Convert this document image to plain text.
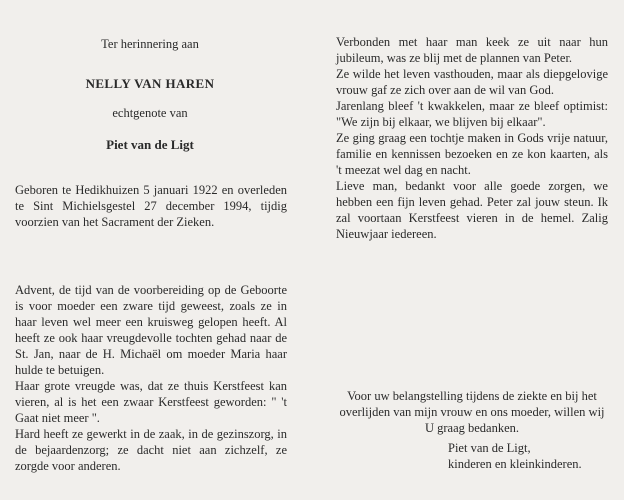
Ter herinnering aan

NELLY VAN HAREN

echtgenote van

Piet van de Ligt

Geboren te Hedikhuizen 5 januari 1922 en overleden te Sint Michielsgestel 27 december 1994, tijdig voorzien van het Sacrament der Zieken.

Advent, de tijd van de voorbereiding op de Geboorte is voor moeder een zware tijd geweest, zoals ze in haar leven wel meer een kruisweg gelopen heeft. Al heeft ze ook haar vreugdevolle tochten gehad naar de St. Jan, naar de H. Michaël om moeder Maria haar hulde te betuigen.

Haar grote vreugde was, dat ze thuis Kerstfeest kan vieren, al is het een zwaar Kerstfeest geworden: " 't Gaat niet meer ".

Hard heeft ze gewerkt in de zaak, in de gezinszorg, in de bejaardenzorg; ze dacht niet aan zichzelf, ze zorgde voor anderen.

Verbonden met haar man keek ze uit naar hun jubileum, was ze blij met de plannen van Peter.

Ze wilde het leven vasthouden, maar als diepgelovige vrouw gaf ze zich over aan de wil van God.

Jarenlang bleef 't kwakkelen, maar ze bleef optimist: "We zijn bij elkaar, we blijven bij elkaar".

Ze ging graag een tochtje maken in Gods vrije natuur, familie en kennissen bezoeken en ze kon kaarten, als 't meezat wel dag en nacht.

Lieve man, bedankt voor alle goede zorgen, we hebben een fijn leven gehad. Peter zal jouw steun. Ik zal voortaan Kerstfeest vieren in de hemel. Zalig Nieuwjaar iedereen.

Voor uw belangstelling tijdens de ziekte en bij het overlijden van mijn vrouw en ons moeder, willen wij U graag bedanken.

Piet van de Ligt,

kinderen en kleinkinderen.
